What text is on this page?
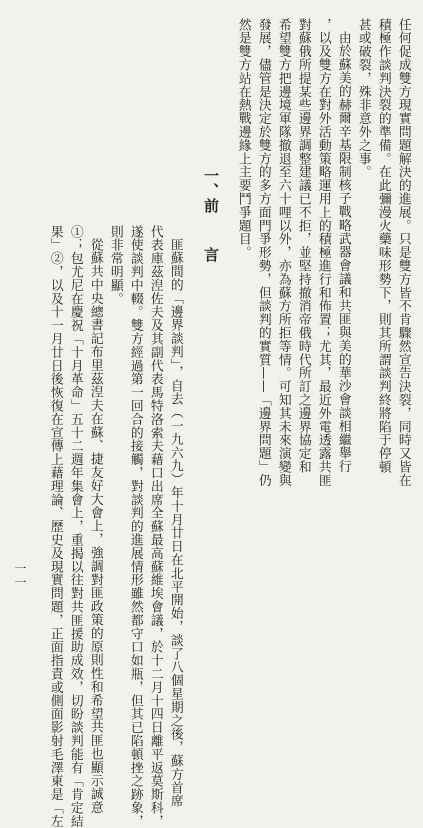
任何促成雙方現實問題解決的進展。只是雙方皆不肯驟然宣告決裂，同時又皆在
積極作談判決裂的準備。在此彌漫火藥味形勢下，則其所謂談判終將陷于停頓
甚或破裂，殊非意外之事。
由於蘇美的赫爾辛基限制核子戰略武器會議和共匪與美的華沙會談相繼舉行
，以及雙方在對外活動策略運用上的積極進行和佈置；尤其，最近外電透露共匪
對蘇俄所提某些邊界調整建議已不拒，並堅持撤消帝俄時代所訂之邊界協定和
希望雙方把邊境軍隊撤退至六十哩以外，亦為蘇方所拒等情。可知其未來演變與
發展，儘管是決定於雙方的多方面門爭形勢，但談判的實質——「邊界問題」仍
然是雙方站在熱戰邊緣上主要鬥爭題目。
一、前言
匪蘇間的「邊界談判」，自去（一九六九）年十月廿日在北平開始，談了八個星期之後，蘇方首席
代表庫茲湼佐夫及其副代表馬特洛索夫藉口出席全蘇最高蘇維埃會議，於十二月十四日離平返莫斯科，
遂使談判中輟。雙方經過第一回合的接觸，對談判的進展情形雖然都守口如瓶，但其已陷頓挫之跡象，
則非常明顯。
從蘇共中央總書記布里茲湼夫在蘇、捷友好大會上，強調對匪政策的原則性和希望共匪也顯示誠意
①；包尤尼在慶祝「十月革命」五十二週年集會上，重揭以往對共匪援助成效，切盼談判能有「肯定結
果」②，以及十一月廿日後恢復在宣傳上藉理論、歷史及現實問題，正面指責或側面影射毛澤東是「左
一一
